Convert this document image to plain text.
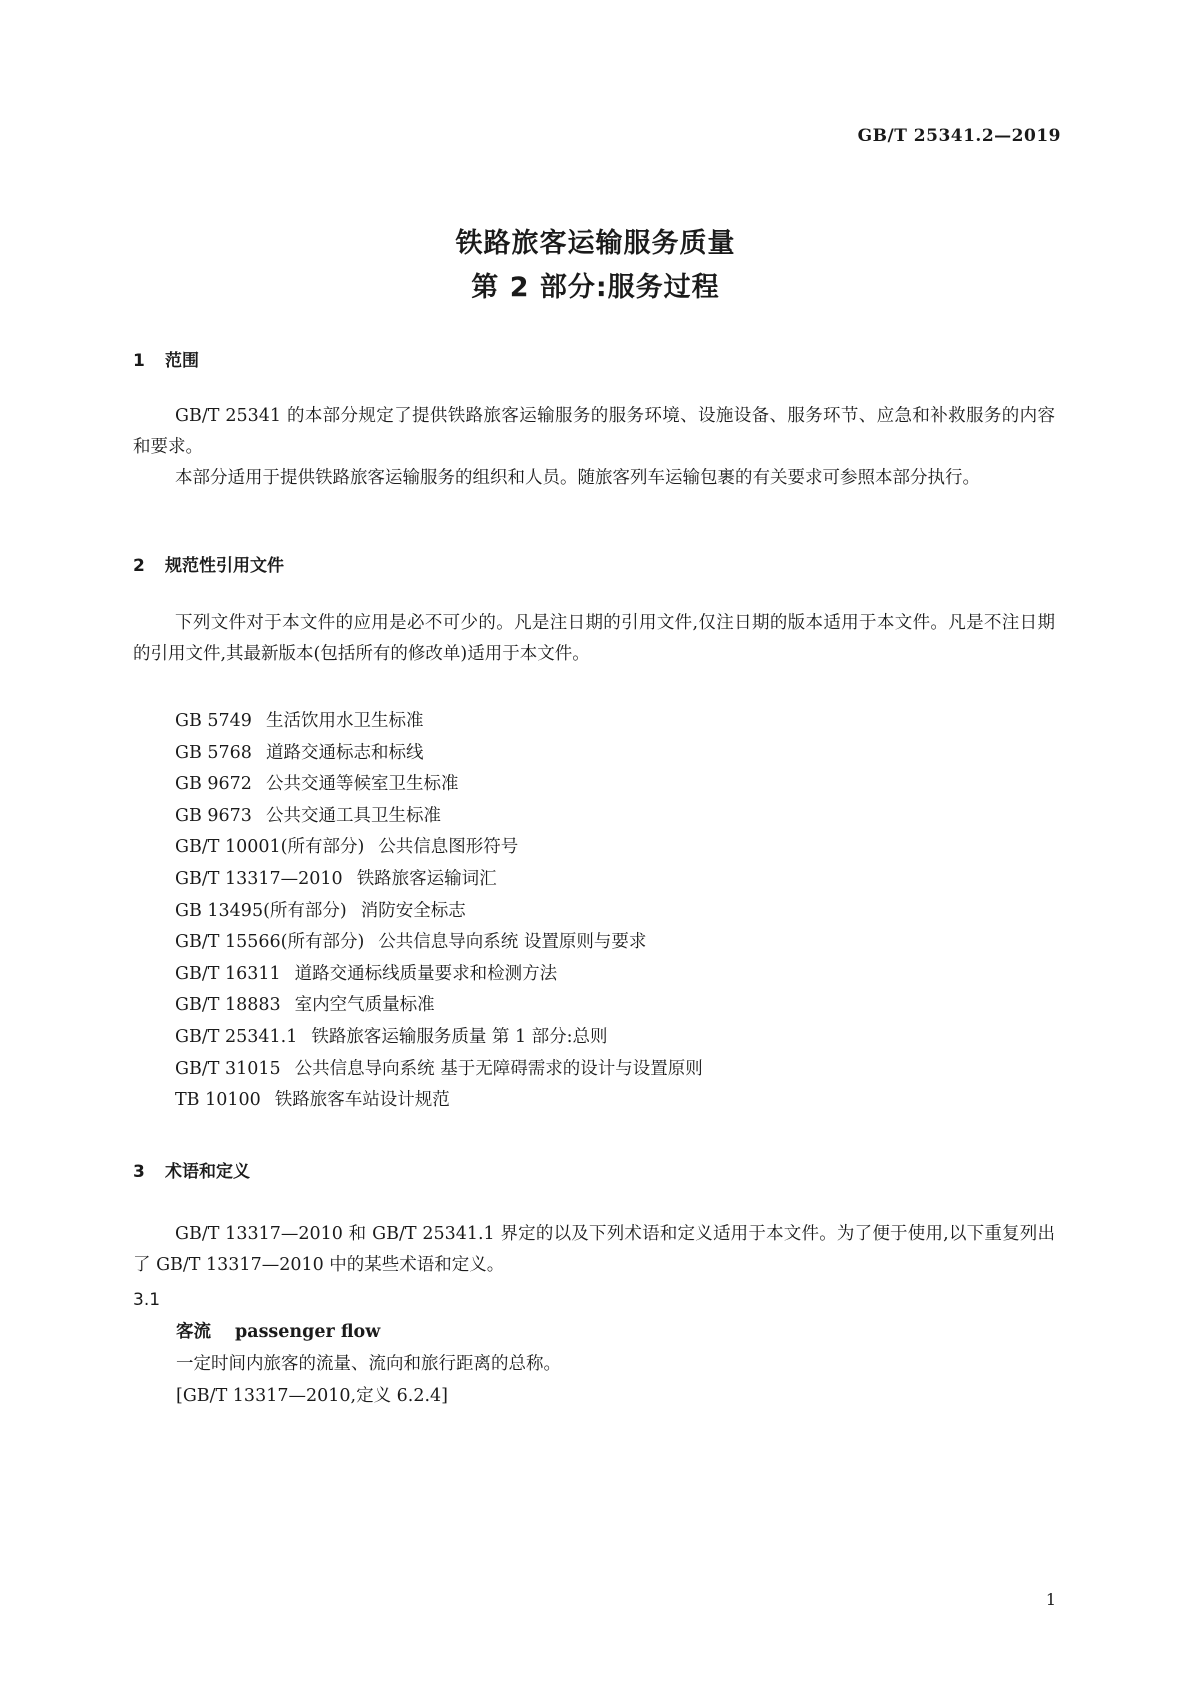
GB/T 25341.2—2019
铁路旅客运输服务质量
第 2 部分:服务过程
1 范围
GB/T 25341 的本部分规定了提供铁路旅客运输服务的服务环境、设施设备、服务环节、应急和补救服务的内容和要求。
本部分适用于提供铁路旅客运输服务的组织和人员。随旅客列车运输包裹的有关要求可参照本部分执行。
2 规范性引用文件
下列文件对于本文件的应用是必不可少的。凡是注日期的引用文件,仅注日期的版本适用于本文件。凡是不注日期的引用文件,其最新版本(包括所有的修改单)适用于本文件。
GB 5749 生活饮用水卫生标准
GB 5768 道路交通标志和标线
GB 9672 公共交通等候室卫生标准
GB 9673 公共交通工具卫生标准
GB/T 10001(所有部分) 公共信息图形符号
GB/T 13317—2010 铁路旅客运输词汇
GB 13495(所有部分) 消防安全标志
GB/T 15566(所有部分) 公共信息导向系统 设置原则与要求
GB/T 16311 道路交通标线质量要求和检测方法
GB/T 18883 室内空气质量标准
GB/T 25341.1 铁路旅客运输服务质量 第 1 部分:总则
GB/T 31015 公共信息导向系统 基于无障碍需求的设计与设置原则
TB 10100 铁路旅客车站设计规范
3 术语和定义
GB/T 13317—2010 和 GB/T 25341.1 界定的以及下列术语和定义适用于本文件。为了便于使用,以下重复列出了 GB/T 13317—2010 中的某些术语和定义。
3.1
客流 passenger flow
一定时间内旅客的流量、流向和旅行距离的总称。
[GB/T 13317—2010,定义 6.2.4]
1
